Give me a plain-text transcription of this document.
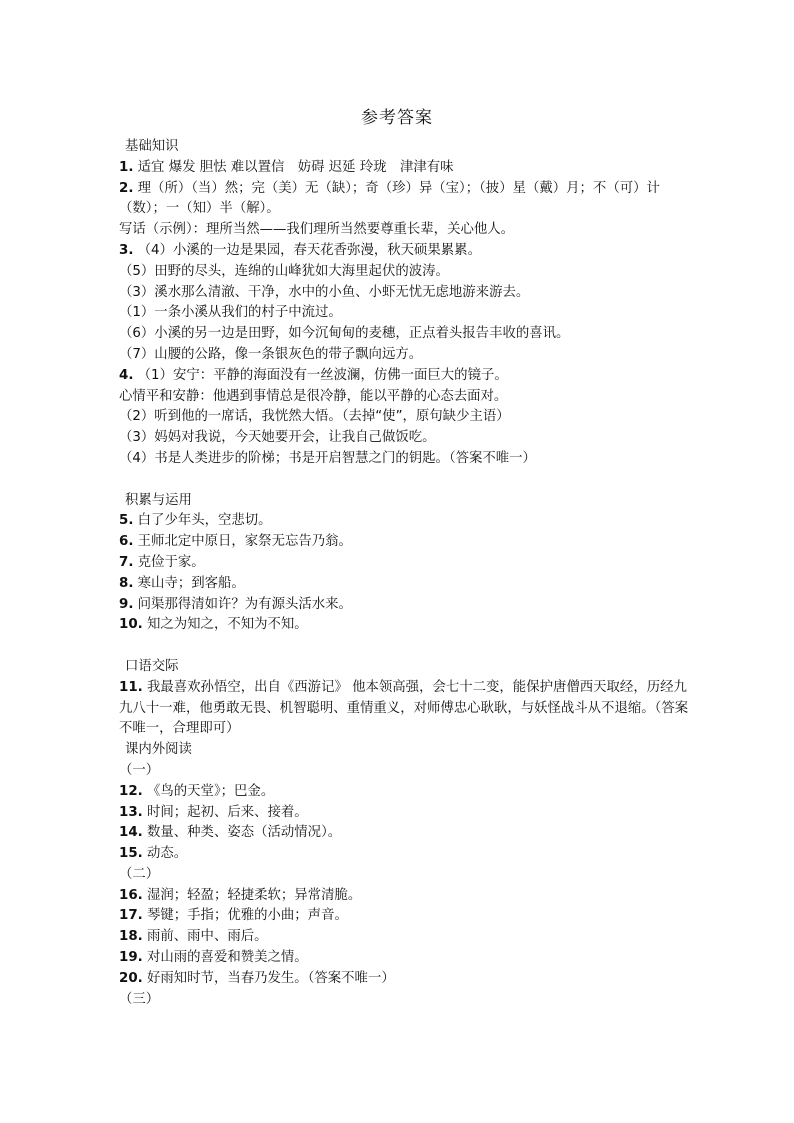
参考答案
基础知识
1. 适宜 爆发 胆怯 难以置信　妨碍 迟延 玲珑　津津有味
2. 理（所）（当）然；完（美）无（缺）；奇（珍）异（宝）；（披）星（戴）月；不（可）计（数）；一（知）半（解）。
写话（示例）：理所当然——我们理所当然要尊重长辈，关心他人。
3. （4）小溪的一边是果园，春天花香弥漫，秋天硕果累累。
（5）田野的尽头，连绵的山峰犹如大海里起伏的波涛。
（3）溪水那么清澈、干净，水中的小鱼、小虾无忧无虑地游来游去。
（1）一条小溪从我们的村子中流过。
（6）小溪的另一边是田野，如今沉甸甸的麦穗，正点着头报告丰收的喜讯。
（7）山腰的公路，像一条银灰色的带子飘向远方。
4. （1）安宁：平静的海面没有一丝波澜，仿佛一面巨大的镜子。
心情平和安静：他遇到事情总是很冷静，能以平静的心态去面对。
（2）听到他的一席话，我恍然大悟。（去掉“使”，原句缺少主语）
（3）妈妈对我说，今天她要开会，让我自己做饭吃。
（4）书是人类进步的阶梯；书是开启智慧之门的钥匙。（答案不唯一）
积累与运用
5. 白了少年头，空悲切。
6. 王师北定中原日，家祭无忘告乃翁。
7. 克俭于家。
8. 寒山寺；到客船。
9. 问渠那得清如许？为有源头活水来。
10. 知之为知之，不知为不知。
口语交际
11. 我最喜欢孙悟空，出自《西游记》 他本领高强，会七十二变，能保护唐僧西天取经，历经九九八十一难，他勇敢无畏、机智聪明、重情重义，对师傅忠心耿耿，与妖怪战斗从不退缩。（答案不唯一，合理即可）
课内外阅读
（一）
12. 《鸟的天堂》；巴金。
13. 时间；起初、后来、接着。
14. 数量、种类、姿态（活动情况）。
15. 动态。
（二）
16. 湿润；轻盈；轻捷柔软；异常清脆。
17. 琴键；手指；优雅的小曲；声音。
18. 雨前、雨中、雨后。
19. 对山雨的喜爱和赞美之情。
20. 好雨知时节，当春乃发生。（答案不唯一）
（三）
